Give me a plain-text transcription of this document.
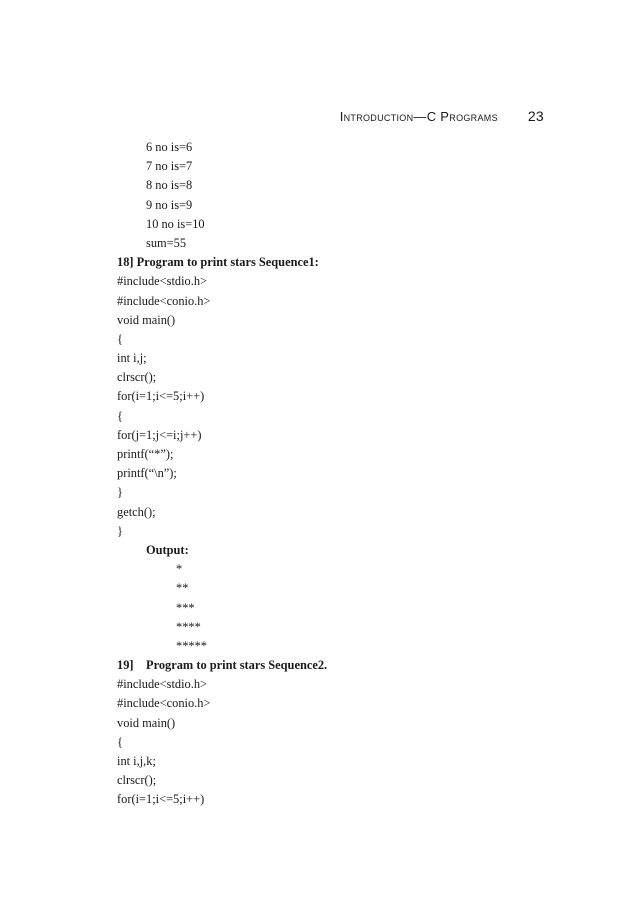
Introduction—C Programs 23
6 no is=6
7 no is=7
8 no is=8
9 no is=9
10 no is=10
sum=55
18] Program to print stars Sequence1:
#include<stdio.h>
#include<conio.h>
void main()
{
int i,j;
clrscr();
for(i=1;i<=5;i++)
{
for(j=1;j<=i;j++)
printf(“*”);
printf(“\n”);
}
getch();
}
Output:
*
**
***
****
*****
19] Program to print stars Sequence2.
#include<stdio.h>
#include<conio.h>
void main()
{
int i,j,k;
clrscr();
for(i=1;i<=5;i++)
